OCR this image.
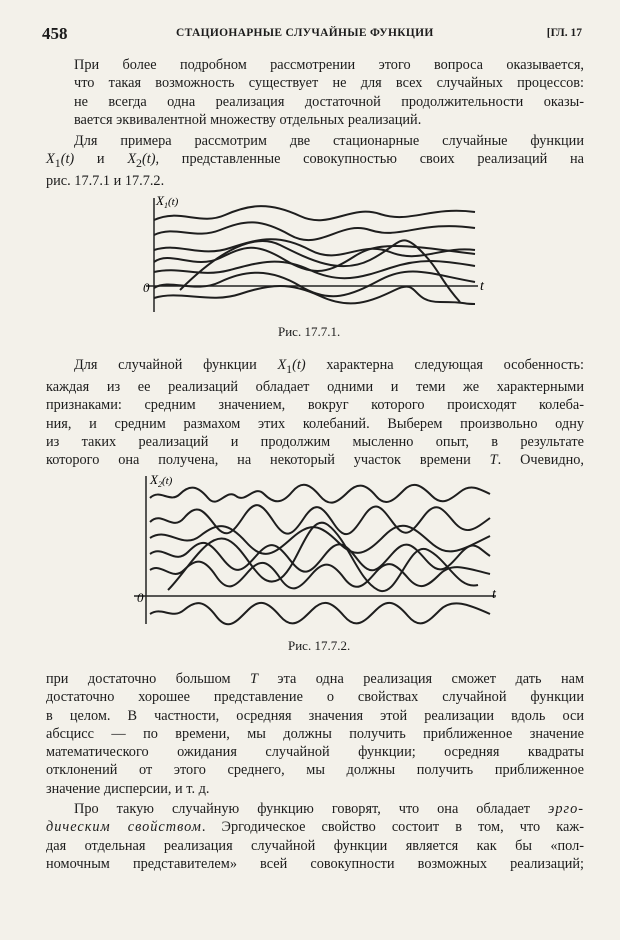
458	СТАЦИОНАРНЫЕ СЛУЧАЙНЫЕ ФУНКЦИИ	[ГЛ. 17
При более подробном рассмотрении этого вопроса оказывается,
что такая возможность существует не для всех случайных процессов:
не всегда одна реализация достаточной продолжительности оказы-
вается эквивалентной множеству отдельных реализаций.
Для примера рассмотрим две стационарные случайные функции
$X_1(t)$ и $X_2(t)$, представленные совокупностью своих реализаций на
рис. 17.7.1 и 17.7.2.
$X_1^{(t)}$
0	t
Рис. 17.7.1.
Для случайной функции $X_1(t)$ характерна следующая особенность:
каждая из ее реализаций обладает одними и теми же характерными
признаками: средним значением, вокруг которого происходят колеба-
ния, и средним размахом этих колебаний. Выберем произвольно одну
из таких реализаций и продолжим мысленно опыт, в результате
которого она получена, на некоторый участок времени T. Очевидно,
$X_2^{(t)}$
0	t
Рис. 17.7.2.
при достаточно большом T эта одна реализация сможет дать нам
достаточно хорошее представление о свойствах случайной функции
в целом. В частности, осредняя значения этой реализации вдоль оси
абсцисс — по времени, мы должны получить приближенное значение
математического ожидания случайной функции; осредняя квадраты
отклонений от этого среднего, мы должны получить приближенное
значение дисперсии, и т. д.
Про такую случайную функцию говорят, что она обладает эрго-
дическим свойством. Эргодическое свойство состоит в том, что каж-
дая отдельная реализация случайной функции является как бы «пол-
номочным представителем» всей совокупности возможных реализаций;
